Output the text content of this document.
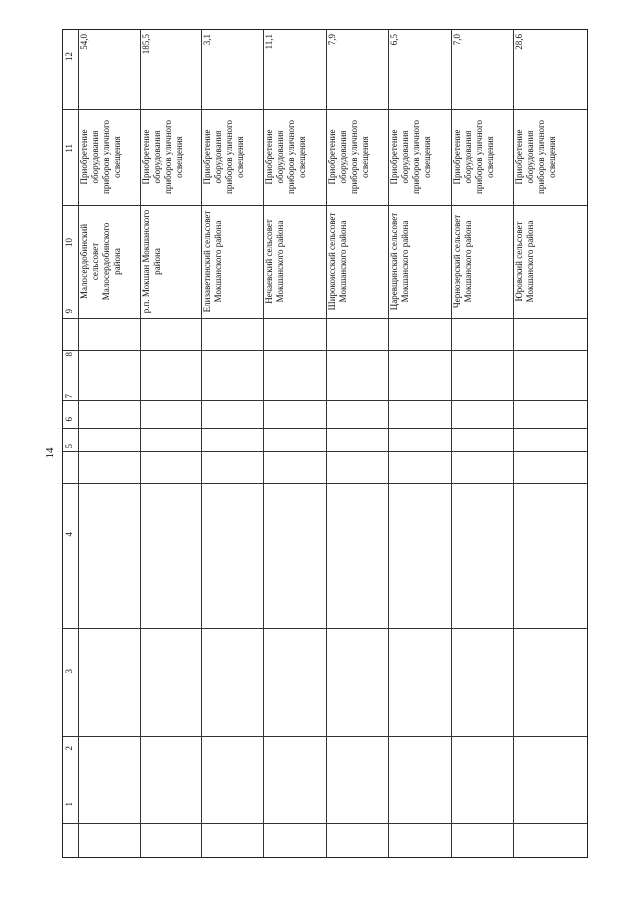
14
1
2
3
4
5
6
7
8
9
10
11
12
Малосердобинский сельсовет Малосердобинского района
Приобретение оборудования приборов уличного освещения
54,0
р.п. Мокшан Мокшанского района
Приобретение оборудования приборов уличного освещения
185,5
Елизаветинский сельсовет Мокшанского района
Приобретение оборудования приборов уличного освещения
3,1
Нечаевский сельсовет Мокшанского района
Приобретение оборудования приборов уличного освещения
11,1
Широкоисский сельсовет Мокшанского района
Приобретение оборудования приборов уличного освещения
7,9
Царевщинский сельсовет Мокшанского района
Приобретение оборудования приборов уличного освещения
6,5
Чернозерский сельсовет Мокшанского района
Приобретение оборудования приборов уличного освещения
7,0
Юровский сельсовет Мокшанского района
Приобретение оборудования приборов уличного освещения
28,6
